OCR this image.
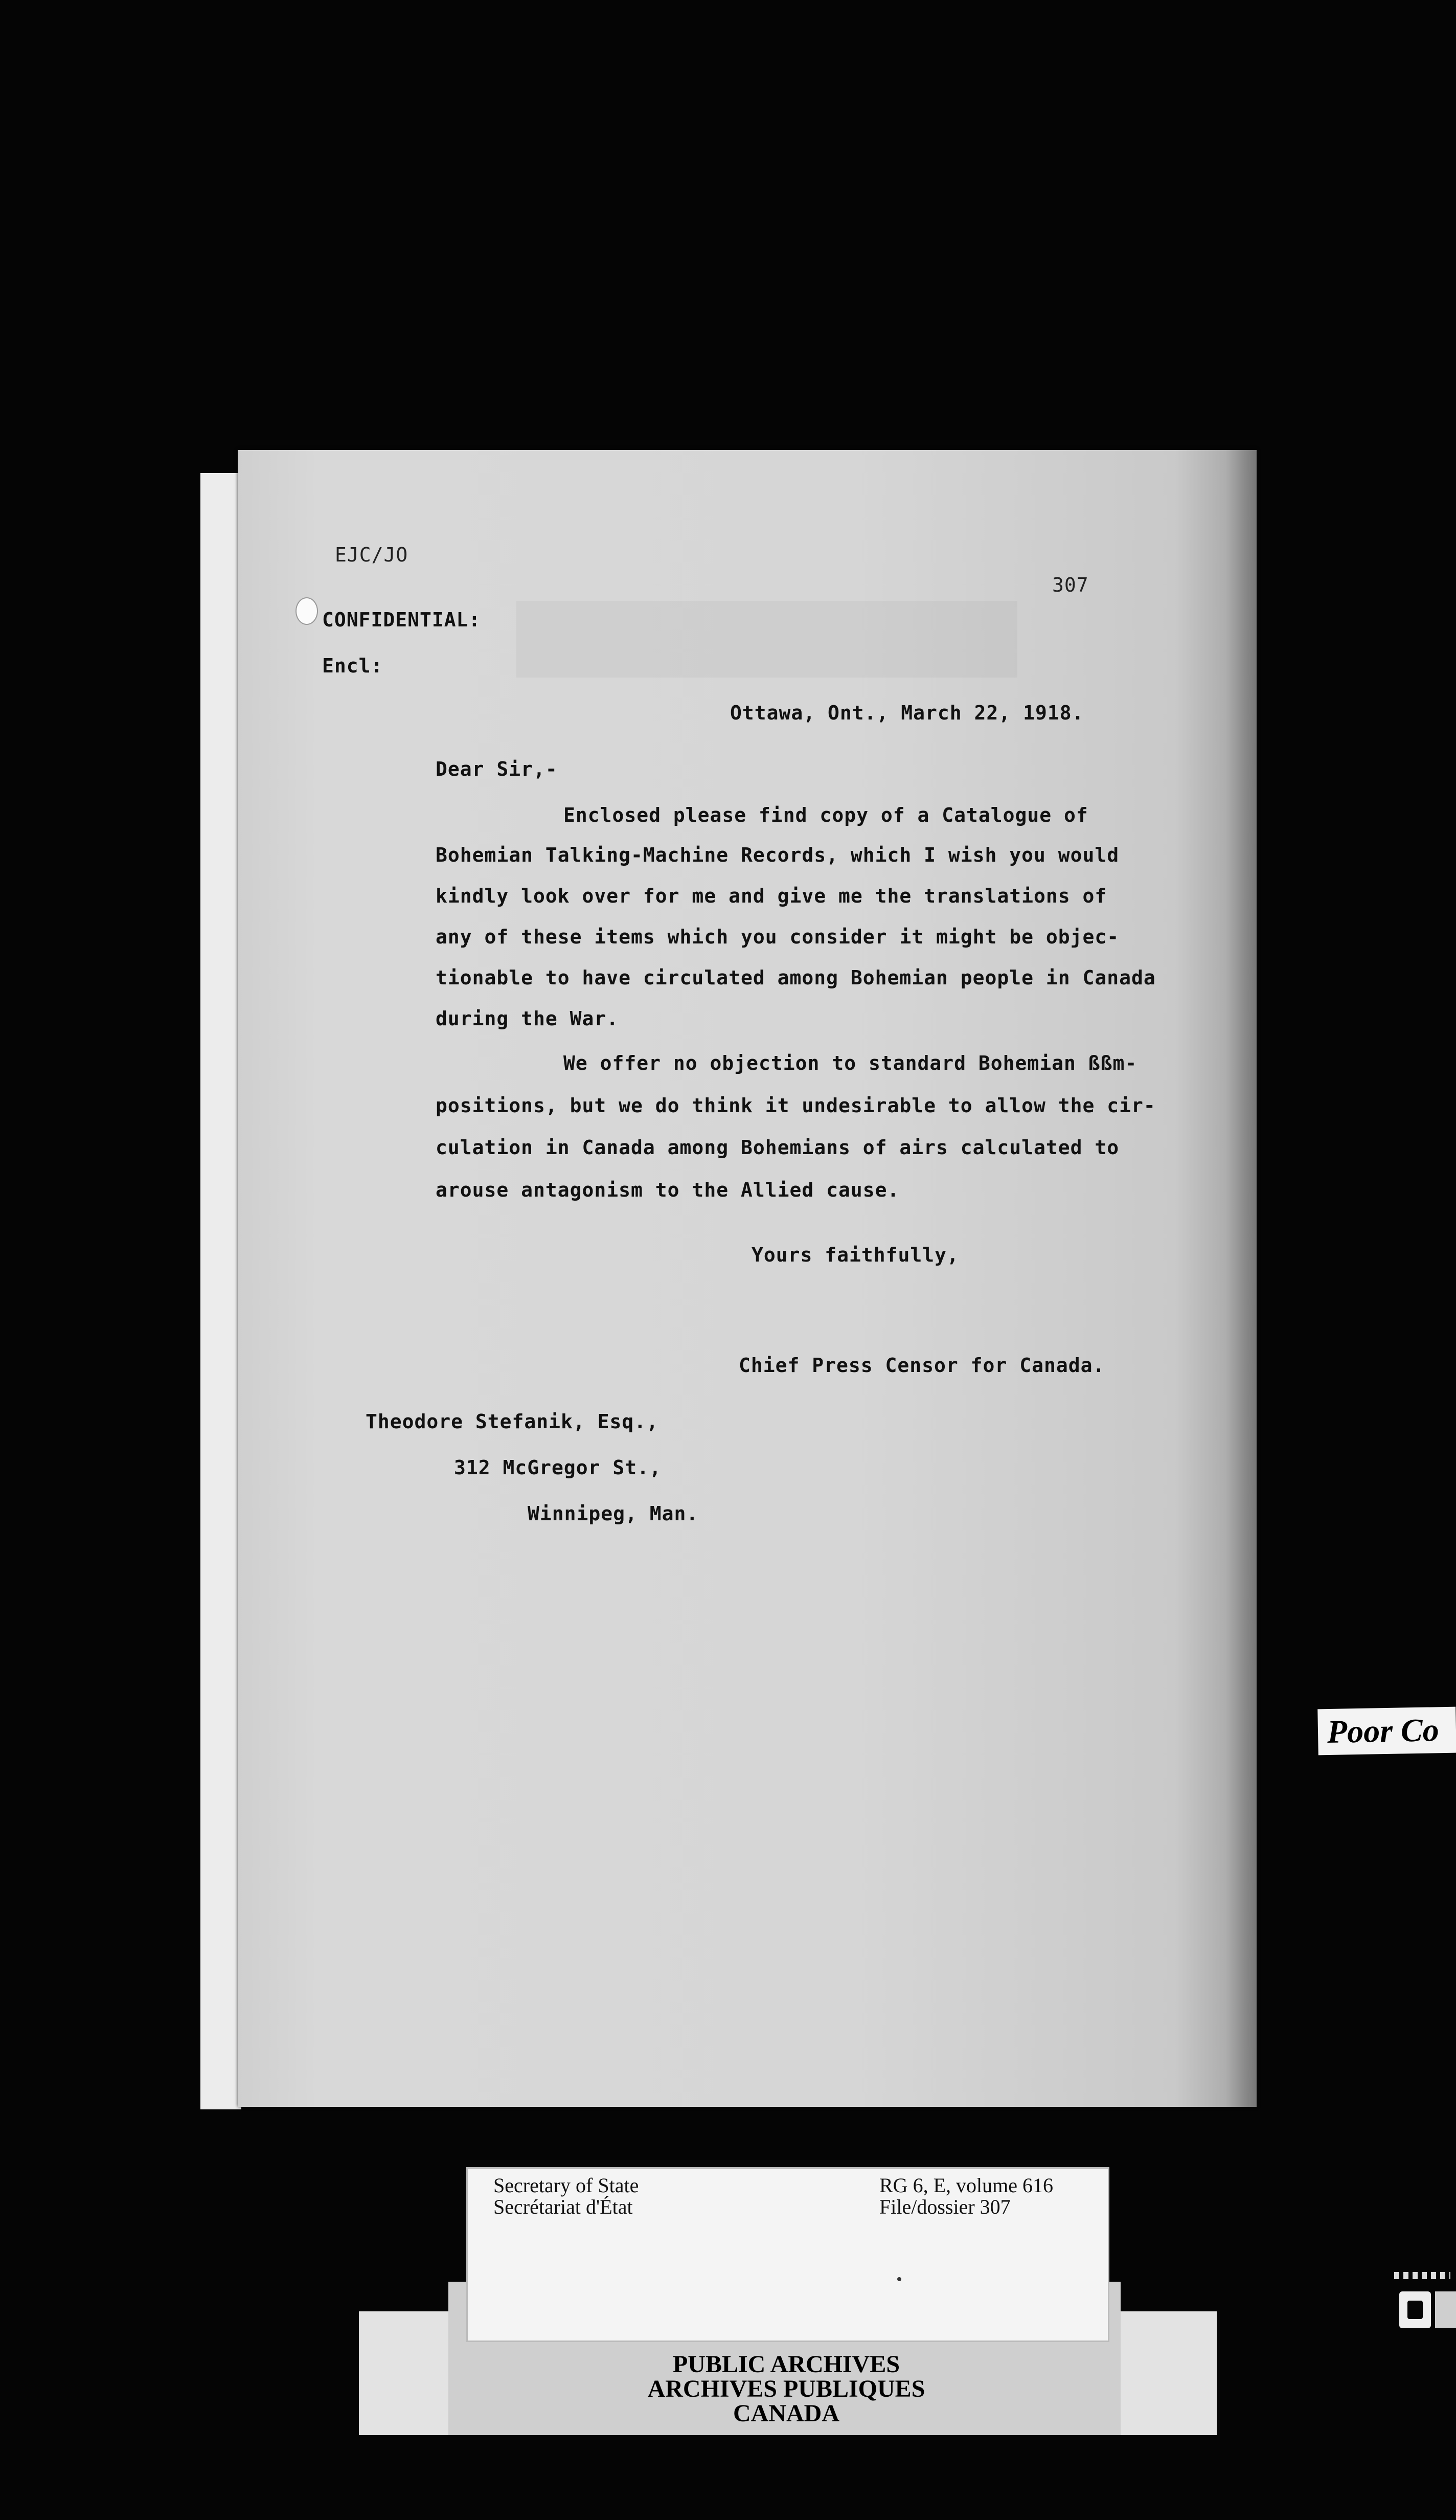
EJC/JO
307
CONFIDENTIAL:
Encl:
Ottawa, Ont., March 22, 1918.
Dear Sir,-
Enclosed please find copy of a Catalogue of
Bohemian Talking-Machine Records, which I wish you would
kindly look over for me and give me the translations of
any of these items which you consider it might be objec-
tionable to have circulated among Bohemian people in Canada
during the War.
We offer no objection to standard Bohemian ßßm-
positions, but we do think it undesirable to allow the cir-
culation in Canada among Bohemians of airs calculated to
arouse antagonism to the Allied cause.
Yours faithfully,
Chief Press Censor for Canada.
Theodore Stefanik, Esq.,
312 McGregor St.,
Winnipeg, Man.
Poor Co
Secretary of State
Secrétariat d'État
RG 6, E, volume 616
File/dossier 307
PUBLIC ARCHIVES
ARCHIVES PUBLIQUES
CANADA
